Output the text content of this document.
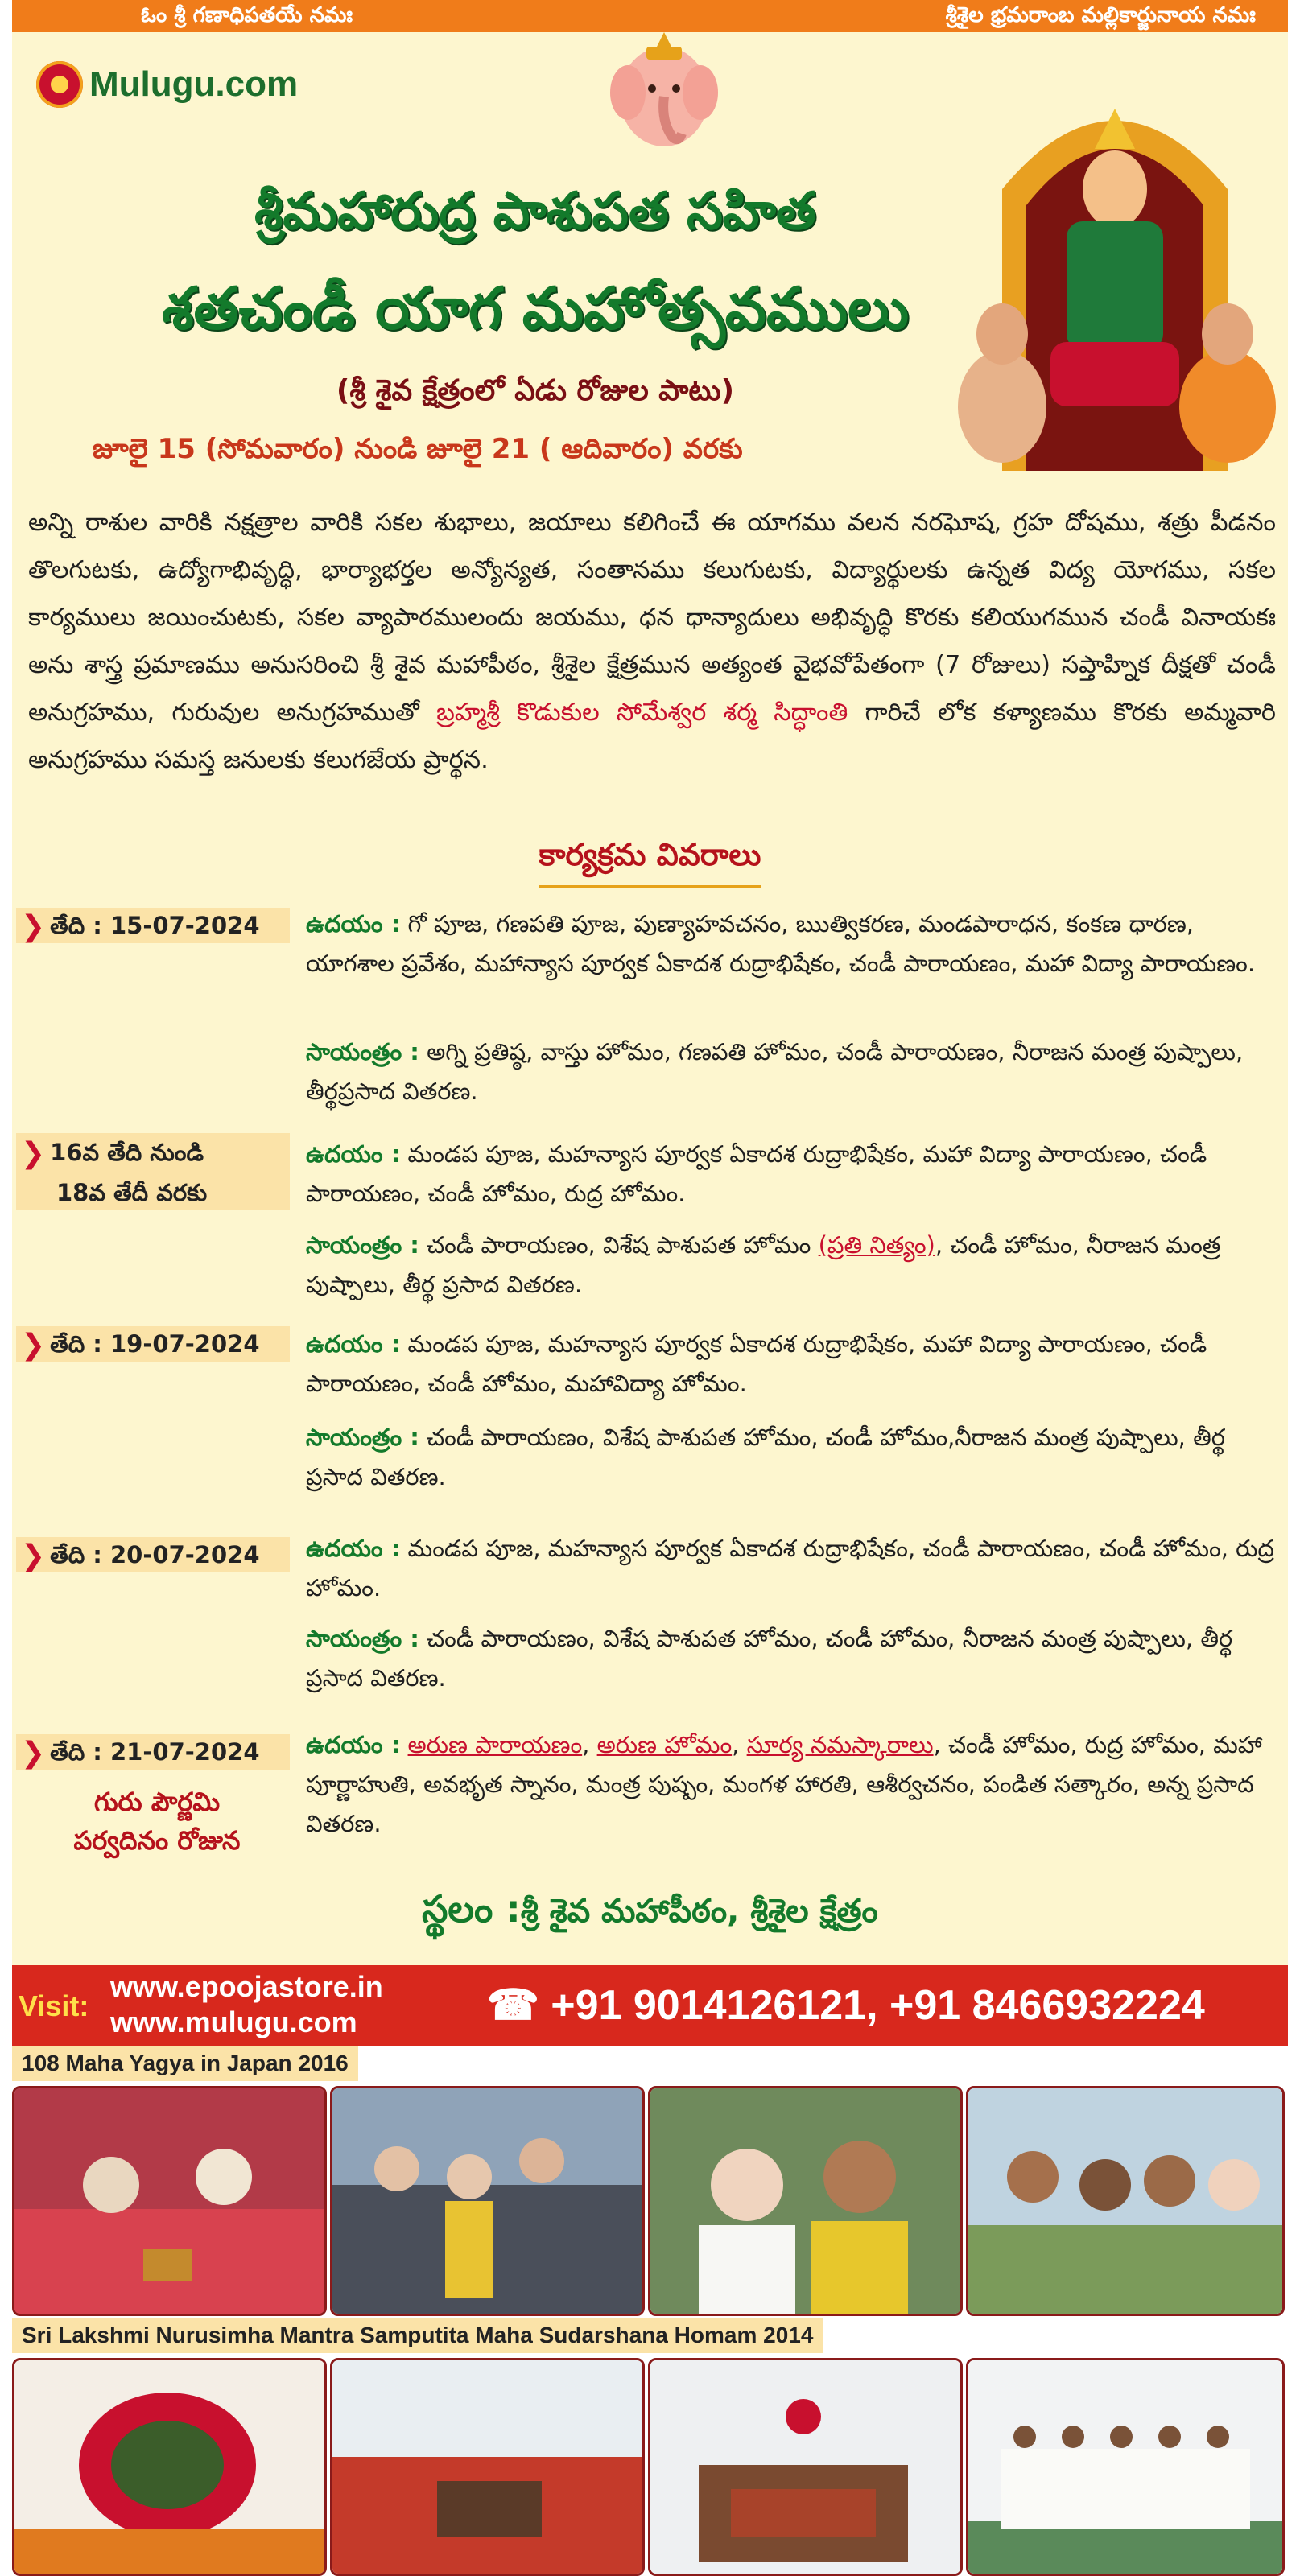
ఓం శ్రీ గణాధిపతయే నమః	శ్రీశైల భ్రమరాంబ మల్లికార్జునాయ నమః
Mulugu.com
శ్రీమహారుద్ర పాశుపత సహిత
శతచండీ యాగ మహోత్సవములు
(శ్రీ శైవ క్షేత్రంలో ఏడు రోజుల పాటు)
జూలై 15 (సోమవారం) నుండి జూలై 21 ( ఆదివారం) వరకు
అన్ని రాశుల వారికి నక్షత్రాల వారికి సకల శుభాలు, జయాలు కలిగించే ఈ యాగము వలన నరఘోష, గ్రహ దోషము, శత్రు పీడనం తొలగుటకు, ఉద్యోగాభివృద్ధి, భార్యాభర్తల అన్యోన్యత, సంతానము కలుగుటకు, విద్యార్థులకు ఉన్నత విద్య యోగము, సకల కార్యములు జయించుటకు, సకల వ్యాపారములందు జయము, ధన ధాన్యాదులు అభివృద్ధి కొరకు కలియుగమున చండీ వినాయకః అను శాస్త్ర ప్రమాణము అనుసరించి శ్రీ శైవ మహాపీఠం, శ్రీశైల క్షేత్రమున అత్యంత వైభవోపేతంగా (7 రోజులు) సప్తాహ్నిక దీక్షతో చండీ అనుగ్రహము, గురువుల అనుగ్రహముతో బ్రహ్మశ్రీ కొడుకుల సోమేశ్వర శర్మ సిద్ధాంతి గారిచే లోక కళ్యాణము కొరకు అమ్మవారి అనుగ్రహము సమస్త జనులకు కలుగజేయ ప్రార్థన.
కార్యక్రమ వివరాలు
❯ తేది : 15-07-2024	ఉదయం : గో పూజ, గణపతి పూజ, పుణ్యాహవచనం, ఋత్వికరణ, మండపారాధన, కంకణ ధారణ, యాగశాల ప్రవేశం, మహాన్యాస పూర్వక ఏకాదశ రుద్రాభిషేకం, చండీ పారాయణం, మహా విద్యా పారాయణం.
సాయంత్రం : అగ్ని ప్రతిష్ఠ, వాస్తు హోమం, గణపతి హోమం, చండీ పారాయణం, నీరాజన మంత్ర పుష్పాలు, తీర్థప్రసాద వితరణ.
❯ 16వ తేది నుండి
18వ తేదీ వరకు
ఉదయం : మండప పూజ, మహన్యాస పూర్వక ఏకాదశ రుద్రాభిషేకం, మహా విద్యా పారాయణం, చండీ పారాయణం, చండీ హోమం, రుద్ర హోమం.
సాయంత్రం : చండీ పారాయణం, విశేష పాశుపత హోమం (ప్రతి నిత్యం), చండీ హోమం, నీరాజన మంత్ర పుష్పాలు, తీర్థ ప్రసాద వితరణ.
❯ తేది : 19-07-2024	ఉదయం : మండప పూజ, మహన్యాస పూర్వక ఏకాదశ రుద్రాభిషేకం, మహా విద్యా పారాయణం, చండీ పారాయణం, చండీ హోమం, మహావిద్యా హోమం.
సాయంత్రం : చండీ పారాయణం, విశేష పాశుపత హోమం, చండీ హోమం,నీరాజన మంత్ర పుష్పాలు, తీర్థ ప్రసాద వితరణ.
❯ తేది : 20-07-2024	ఉదయం : మండప పూజ, మహన్యాస పూర్వక ఏకాదశ రుద్రాభిషేకం, చండీ పారాయణం, చండీ హోమం, రుద్ర హోమం.
సాయంత్రం : చండీ పారాయణం, విశేష పాశుపత హోమం, చండీ హోమం, నీరాజన మంత్ర పుష్పాలు, తీర్థ ప్రసాద వితరణ.
❯ తేది : 21-07-2024
గురు పౌర్ణమి
పర్వదినం రోజున
ఉదయం : అరుణ పారాయణం, అరుణ హోమం, సూర్య నమస్కారాలు, చండీ హోమం, రుద్ర హోమం, మహా పూర్ణాహుతి, అవభృత స్నానం, మంత్ర పుష్పం, మంగళ హారతి, ఆశీర్వచనం, పండిత సత్కారం, అన్న ప్రసాద వితరణ.
స్థలం :శ్రీ శైవ మహాపీఠం, శ్రీశైల క్షేత్రం
Visit:
www.epoojastore.in
www.mulugu.com	☎ +91 9014126121, +91 8466932224
108 Maha Yagya in Japan 2016
Sri Lakshmi Nurusimha Mantra Samputita Maha Sudarshana Homam 2014
